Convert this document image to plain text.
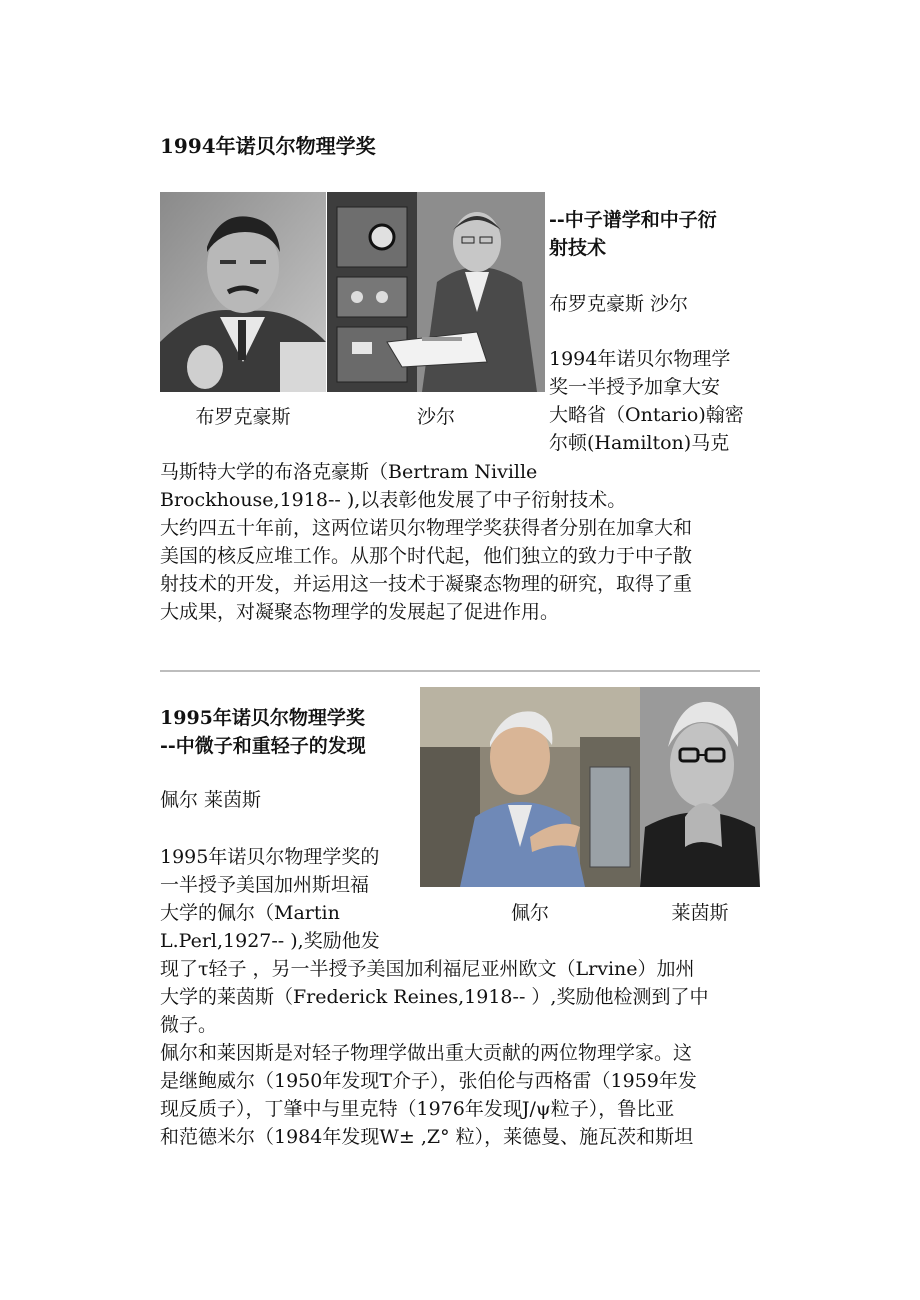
1994年诺贝尔物理学奖
布罗克豪斯	沙尔
--中子谱学和中子衍
射技术
布罗克豪斯 沙尔
1994年诺贝尔物理学
奖一半授予加拿大安
大略省（Ontario)翰密
尔顿(Hamilton)马克
马斯特大学的布洛克豪斯（Bertram Niville
Brockhouse,1918-- ),以表彰他发展了中子衍射技术。
大约四五十年前，这两位诺贝尔物理学奖获得者分别在加拿大和
美国的核反应堆工作。从那个时代起，他们独立的致力于中子散
射技术的开发，并运用这一技术于凝聚态物理的研究，取得了重
大成果，对凝聚态物理学的发展起了促进作用。
1995年诺贝尔物理学奖
--中微子和重轻子的发现
佩尔 莱茵斯
1995年诺贝尔物理学奖的
一半授予美国加州斯坦福
大学的佩尔（Martin
L.Perl,1927-- ),奖励他发
佩尔	莱茵斯
现了τ轻子 ，另一半授予美国加利福尼亚州欧文（Lrvine）加州
大学的莱茵斯（Frederick Reines,1918-- ）,奖励他检测到了中
微子。
佩尔和莱因斯是对轻子物理学做出重大贡献的两位物理学家。这
是继鲍威尔（1950年发现Τ介子），张伯伦与西格雷（1959年发
现反质子），丁肇中与里克特（1976年发现J/ψ粒子），鲁比亚
和范德米尔（1984年发现W± ,Z° 粒），莱德曼、施瓦茨和斯坦
